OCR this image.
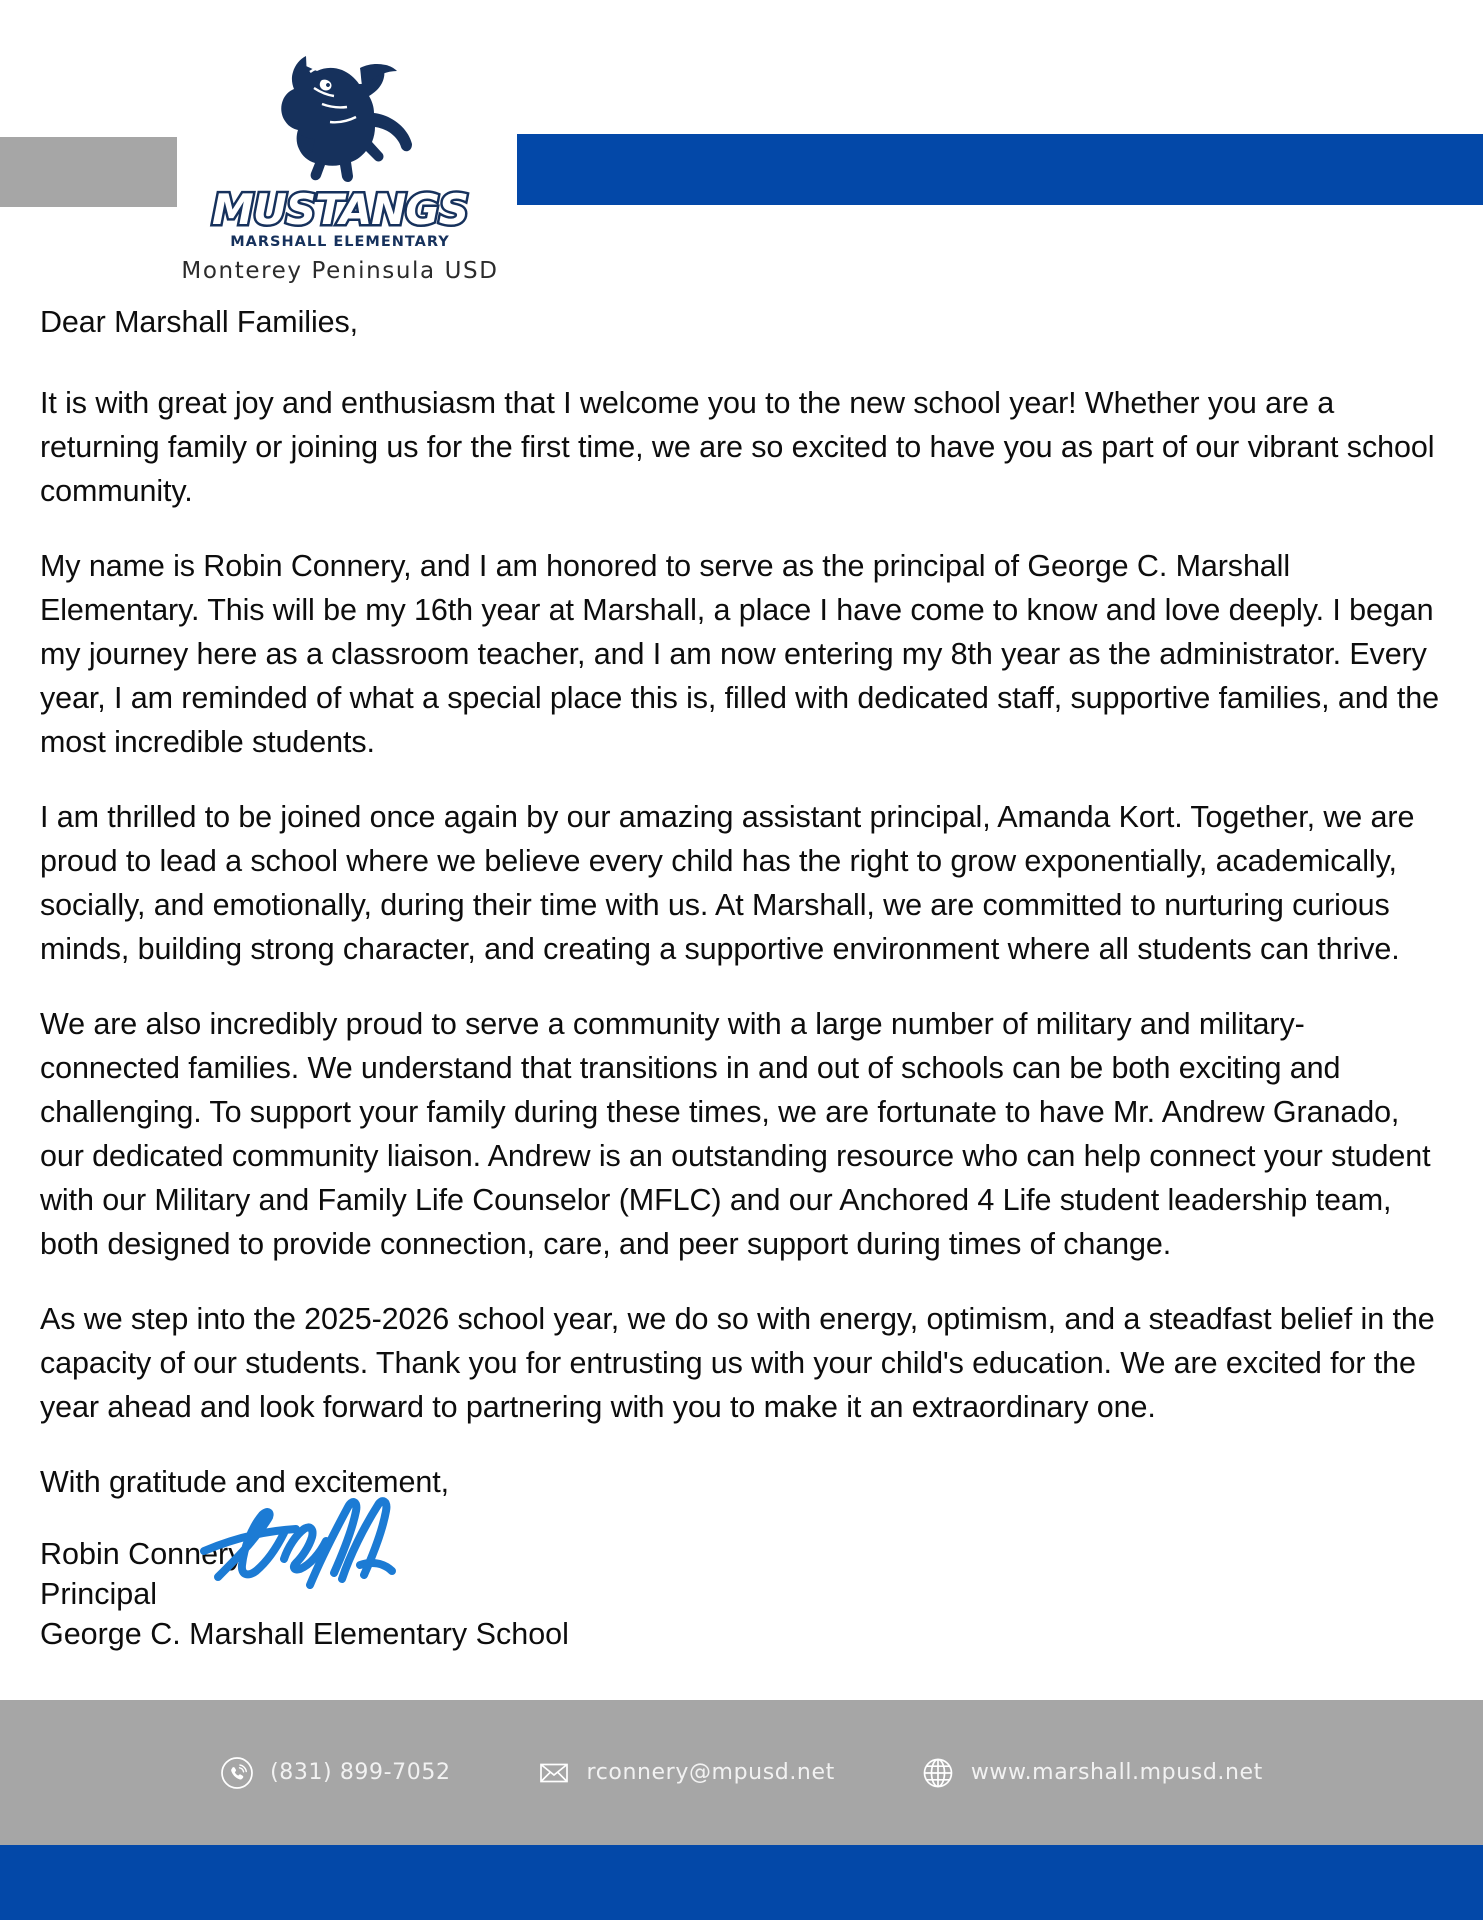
MUSTANGS
MARSHALL ELEMENTARY
Monterey Peninsula USD

Dear Marshall Families,

It is with great joy and enthusiasm that I welcome you to the new school year! Whether you are a returning family or joining us for the first time, we are so excited to have you as part of our vibrant school community.

My name is Robin Connery, and I am honored to serve as the principal of George C. Marshall Elementary. This will be my 16th year at Marshall, a place I have come to know and love deeply. I began my journey here as a classroom teacher, and I am now entering my 8th year as the administrator. Every year, I am reminded of what a special place this is, filled with dedicated staff, supportive families, and the most incredible students.

I am thrilled to be joined once again by our amazing assistant principal, Amanda Kort. Together, we are proud to lead a school where we believe every child has the right to grow exponentially, academically, socially, and emotionally, during their time with us. At Marshall, we are committed to nurturing curious minds, building strong character, and creating a supportive environment where all students can thrive.

We are also incredibly proud to serve a community with a large number of military and military-connected families. We understand that transitions in and out of schools can be both exciting and challenging. To support your family during these times, we are fortunate to have Mr. Andrew Granado, our dedicated community liaison. Andrew is an outstanding resource who can help connect your student with our Military and Family Life Counselor (MFLC) and our Anchored 4 Life student leadership team, both designed to provide connection, care, and peer support during times of change.

As we step into the 2025-2026 school year, we do so with energy, optimism, and a steadfast belief in the capacity of our students. Thank you for entrusting us with your child's education. We are excited for the year ahead and look forward to partnering with you to make it an extraordinary one.

With gratitude and excitement,

Robin Connery
Principal
George C. Marshall Elementary School
(831) 899-7052	rconnery@mpusd.net	www.marshall.mpusd.net
